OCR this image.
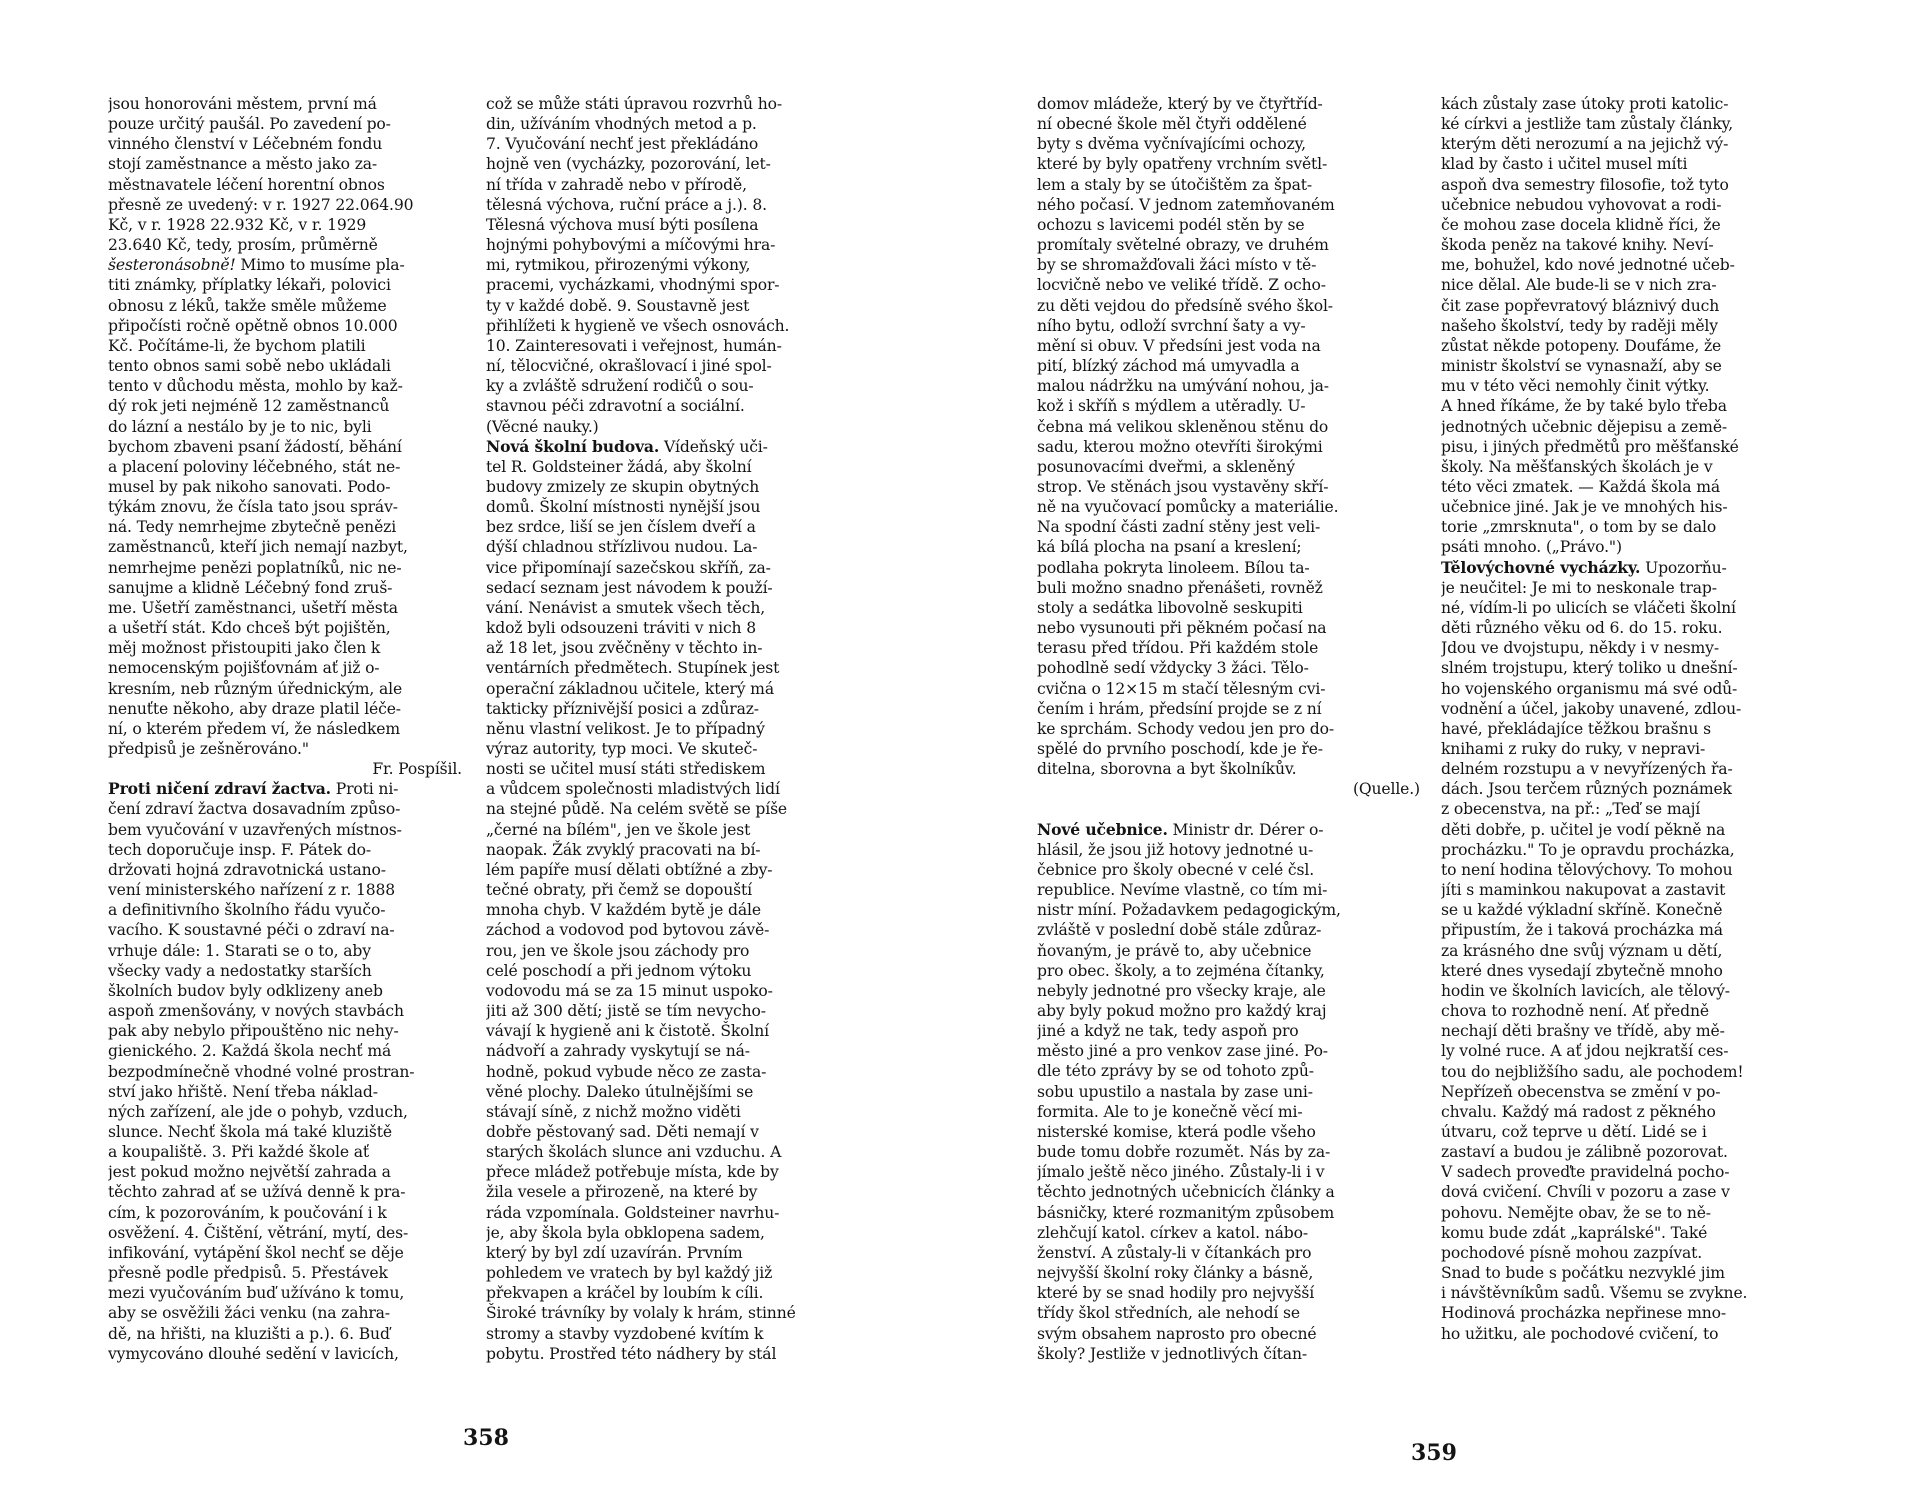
jsou honorováni městem, první má
pouze určitý paušál. Po zavedení po-
vinného členství v Léčebném fondu
stojí zaměstnance a město jako za-
městnavatele léčení horentní obnos
přesně ze uvedený: v r. 1927 22.064.90
Kč, v r. 1928 22.932 Kč, v r. 1929
23.640 Kč, tedy, prosím, průměrně
šesteronásobně! Mimo to musíme pla-
titi známky, příplatky lékaři, polovici
obnosu z léků, takže směle můžeme
připočísti ročně opětně obnos 10.000
Kč. Počítáme-li, že bychom platili
tento obnos sami sobě nebo ukládali
tento v důchodu města, mohlo by kaž-
dý rok jeti nejméně 12 zaměstnanců
do lázní a nestálo by je to nic, byli
bychom zbaveni psaní žádostí, běhání
a placení poloviny léčebného, stát ne-
musel by pak nikoho sanovati. Podo-
týkám znovu, že čísla tato jsou správ-
ná. Tedy nemrhejme zbytečně penězi
zaměstnanců, kteří jich nemají nazbyt,
nemrhejme penězi poplatníků, nic ne-
sanujme a klidně Léčebný fond zruš-
me. Ušetří zaměstnanci, ušetří města
a ušetří stát. Kdo chceš být pojištěn,
měj možnost přistoupiti jako člen k
nemocenským pojišťovnám ať již o-
kresním, neb různým úřednickým, ale
nenuťte někoho, aby draze platil léče-
ní, o kterém předem ví, že následkem
předpisů je zešněrováno."
Fr. Pospíšil.
Proti ničení zdraví žactva. Proti ni-
čení zdraví žactva dosavadním způso-
bem vyučování v uzavřených místnos-
tech doporučuje insp. F. Pátek do-
držovati hojná zdravotnická ustano-
vení ministerského nařízení z r. 1888
a definitivního školního řádu vyučo-
vacího. K soustavné péči o zdraví na-
vrhuje dále: 1. Starati se o to, aby
všecky vady a nedostatky starších
školních budov byly odklizeny aneb
aspoň zmenšovány, v nových stavbách
pak aby nebylo připouštěno nic nehy-
gienického. 2. Každá škola nechť má
bezpodmínečně vhodné volné prostran-
ství jako hřiště. Není třeba náklad-
ných zařízení, ale jde o pohyb, vzduch,
slunce. Nechť škola má také kluziště
a koupaliště. 3. Při každé škole ať
jest pokud možno největší zahrada a
těchto zahrad ať se užívá denně k pra-
cím, k pozorováním, k poučování i k
osvěžení. 4. Čištění, větrání, mytí, des-
infikování, vytápění škol nechť se děje
přesně podle předpisů. 5. Přestávek
mezi vyučováním buď užíváno k tomu,
aby se osvěžili žáci venku (na zahra-
dě, na hřišti, na kluzišti a p.). 6. Buď
vymycováno dlouhé sedění v lavicích,
což se může státi úpravou rozvrhů ho-
din, užíváním vhodných metod a p.
7. Vyučování nechť jest překládáno
hojně ven (vycházky, pozorování, let-
ní třída v zahradě nebo v přírodě,
tělesná výchova, ruční práce a j.). 8.
Tělesná výchova musí býti posílena
hojnými pohybovými a míčovými hra-
mi, rytmikou, přirozenými výkony,
pracemi, vycházkami, vhodnými spor-
ty v každé době. 9. Soustavně jest
přihlížeti k hygieně ve všech osnovách.
10. Zainteresovati i veřejnost, humán-
ní, tělocvičné, okrašlovací i jiné spol-
ky a zvláště sdružení rodičů o sou-
stavnou péči zdravotní a sociální.
(Věcné nauky.)
Nová školní budova. Vídeňský uči-
tel R. Goldsteiner žádá, aby školní
budovy zmizely ze skupin obytných
domů. Školní místnosti nynější jsou
bez srdce, liší se jen číslem dveří a
dýší chladnou střízlivou nudou. La-
vice připomínají sazečskou skříň, za-
sedací seznam jest návodem k použí-
vání. Nenávist a smutek všech těch,
kdož byli odsouzeni tráviti v nich 8
až 18 let, jsou zvěčněny v těchto in-
ventárních předmětech. Stupínek jest
operační základnou učitele, který má
takticky příznivější posici a zdůraz-
něnu vlastní velikost. Je to případný
výraz autority, typ moci. Ve skuteč-
nosti se učitel musí státi střediskem
a vůdcem společnosti mladistvých lidí
na stejné půdě. Na celém světě se píše
„černé na bílém", jen ve škole jest
naopak. Žák zvyklý pracovati na bí-
lém papíře musí dělati obtížné a zby-
tečné obraty, při čemž se dopouští
mnoha chyb. V každém bytě je dále
záchod a vodovod pod bytovou závě-
rou, jen ve škole jsou záchody pro
celé poschodí a při jednom výtoku
vodovodu má se za 15 minut uspoko-
jiti až 300 dětí; jistě se tím nevycho-
vávají k hygieně ani k čistotě. Školní
nádvoří a zahrady vyskytují se ná-
hodně, pokud vybude něco ze zasta-
věné plochy. Daleko útulnějšími se
stávají síně, z nichž možno viděti
dobře pěstovaný sad. Děti nemají v
starých školách slunce ani vzduchu. A
přece mládež potřebuje místa, kde by
žila vesele a přirozeně, na které by
ráda vzpomínala. Goldsteiner navrhu-
je, aby škola byla obklopena sadem,
který by byl zdí uzavírán. Prvním
pohledem ve vratech by byl každý již
překvapen a kráčel by loubím k cíli.
Široké trávníky by volaly k hrám, stinné
stromy a stavby vyzdobené kvítím k
pobytu. Prostřed této nádhery by stál
358
domov mládeže, který by ve čtyřtříd-
ní obecné škole měl čtyři oddělené
byty s dvěma vyčnívajícími ochozy,
které by byly opatřeny vrchním světl-
lem a staly by se útočištěm za špat-
ného počasí. V jednom zatemňovaném
ochozu s lavicemi podél stěn by se
promítaly světelné obrazy, ve druhém
by se shromažďovali žáci místo v tě-
locvičně nebo ve veliké třídě. Z ocho-
zu děti vejdou do předsíně svého škol-
ního bytu, odloží svrchní šaty a vy-
mění si obuv. V předsíni jest voda na
pití, blízký záchod má umyvadla a
malou nádržku na umývání nohou, ja-
kož i skříň s mýdlem a utěradly. U-
čebna má velikou skleněnou stěnu do
sadu, kterou možno otevříti širokými
posunovacími dveřmi, a skleněný
strop. Ve stěnách jsou vystavěny skří-
ně na vyučovací pomůcky a materiálie.
Na spodní části zadní stěny jest veli-
ká bílá plocha na psaní a kreslení;
podlaha pokryta linoleem. Bílou ta-
buli možno snadno přenášeti, rovněž
stoly a sedátka libovolně seskupiti
nebo vysunouti při pěkném počasí na
terasu před třídou. Při každém stole
pohodlně sedí vždycky 3 žáci. Tělo-
cvična o 12×15 m stačí tělesným cvi-
čením i hrám, předsíní projde se z ní
ke sprchám. Schody vedou jen pro do-
spělé do prvního poschodí, kde je ře-
ditelna, sborovna a byt školníkův.
(Quelle.)
Nové učebnice. Ministr dr. Dérer o-
hlásil, že jsou již hotovy jednotné u-
čebnice pro školy obecné v celé čsl.
republice. Nevíme vlastně, co tím mi-
nistr míní. Požadavkem pedagogickým,
zvláště v poslední době stále zdůraz-
ňovaným, je právě to, aby učebnice
pro obec. školy, a to zejména čítanky,
nebyly jednotné pro všecky kraje, ale
aby byly pokud možno pro každý kraj
jiné a když ne tak, tedy aspoň pro
město jiné a pro venkov zase jiné. Po-
dle této zprávy by se od tohoto způ-
sobu upustilo a nastala by zase uni-
formita. Ale to je konečně věcí mi-
nisterské komise, která podle všeho
bude tomu dobře rozumět. Nás by za-
jímalo ještě něco jiného. Zůstaly-li i v
těchto jednotných učebnicích články a
básničky, které rozmanitým způsobem
zlehčují katol. církev a katol. nábo-
ženství. A zůstaly-li v čítankách pro
nejvyšší školní roky články a básně,
které by se snad hodily pro nejvyšší
třídy škol středních, ale nehodí se
svým obsahem naprosto pro obecné
školy? Jestliže v jednotlivých čítan-
kách zůstaly zase útoky proti katolic-
ké církvi a jestliže tam zůstaly články,
kterým děti nerozumí a na jejichž vý-
klad by často i učitel musel míti
aspoň dva semestry filosofie, tož tyto
učebnice nebudou vyhovovat a rodi-
če mohou zase docela klidně říci, že
škoda peněz na takové knihy. Neví-
me, bohužel, kdo nové jednotné učeb-
nice dělal. Ale bude-li se v nich zra-
čit zase popřevratový bláznivý duch
našeho školství, tedy by raději měly
zůstat někde potopeny. Doufáme, že
ministr školství se vynasnaží, aby se
mu v této věci nemohly činit výtky.
A hned říkáme, že by také bylo třeba
jednotných učebnic dějepisu a země-
pisu, i jiných předmětů pro měšťanské
školy. Na měšťanských školách je v
této věci zmatek. — Každá škola má
učebnice jiné. Jak je ve mnohých his-
torie „zmrsknuta", o tom by se dalo
psáti mnoho. („Právo.")
Tělovýchovné vycházky. Upozorňu-
je neučitel: Je mi to neskonale trap-
né, vídím-li po ulicích se vláčeti školní
děti různého věku od 6. do 15. roku.
Jdou ve dvojstupu, někdy i v nesmy-
slném trojstupu, který toliko u dnešní-
ho vojenského organismu má své odů-
vodnění a účel, jakoby unavené, zdlou-
havé, překládajíce těžkou brašnu s
knihami z ruky do ruky, v nepravi-
delném rozstupu a v nevyřízených řa-
dách. Jsou terčem různých poznámek
z obecenstva, na př.: „Teď se mají
děti dobře, p. učitel je vodí pěkně na
procházku." To je opravdu procházka,
to není hodina tělovýchovy. To mohou
jíti s maminkou nakupovat a zastavit
se u každé výkladní skříně. Konečně
připustím, že i taková procházka má
za krásného dne svůj význam u dětí,
které dnes vysedají zbytečně mnoho
hodin ve školních lavicích, ale tělový-
chova to rozhodně není. Ať předně
nechají děti brašny ve třídě, aby mě-
ly volné ruce. A ať jdou nejkratší ces-
tou do nejbližšího sadu, ale pochodem!
Nepřízeň obecenstva se změní v po-
chvalu. Každý má radost z pěkného
útvaru, což teprve u dětí. Lidé se i
zastaví a budou je zálibně pozorovat.
V sadech proveďte pravidelná pocho-
dová cvičení. Chvíli v pozoru a zase v
pohovu. Nemějte obav, že se to ně-
komu bude zdát „kaprálské". Také
pochodové písně mohou zazpívat.
Snad to bude s počátku nezvyklé jim
i návštěvníkům sadů. Všemu se zvykne.
Hodinová procházka nepřinese mno-
ho užitku, ale pochodové cvičení, to
359
